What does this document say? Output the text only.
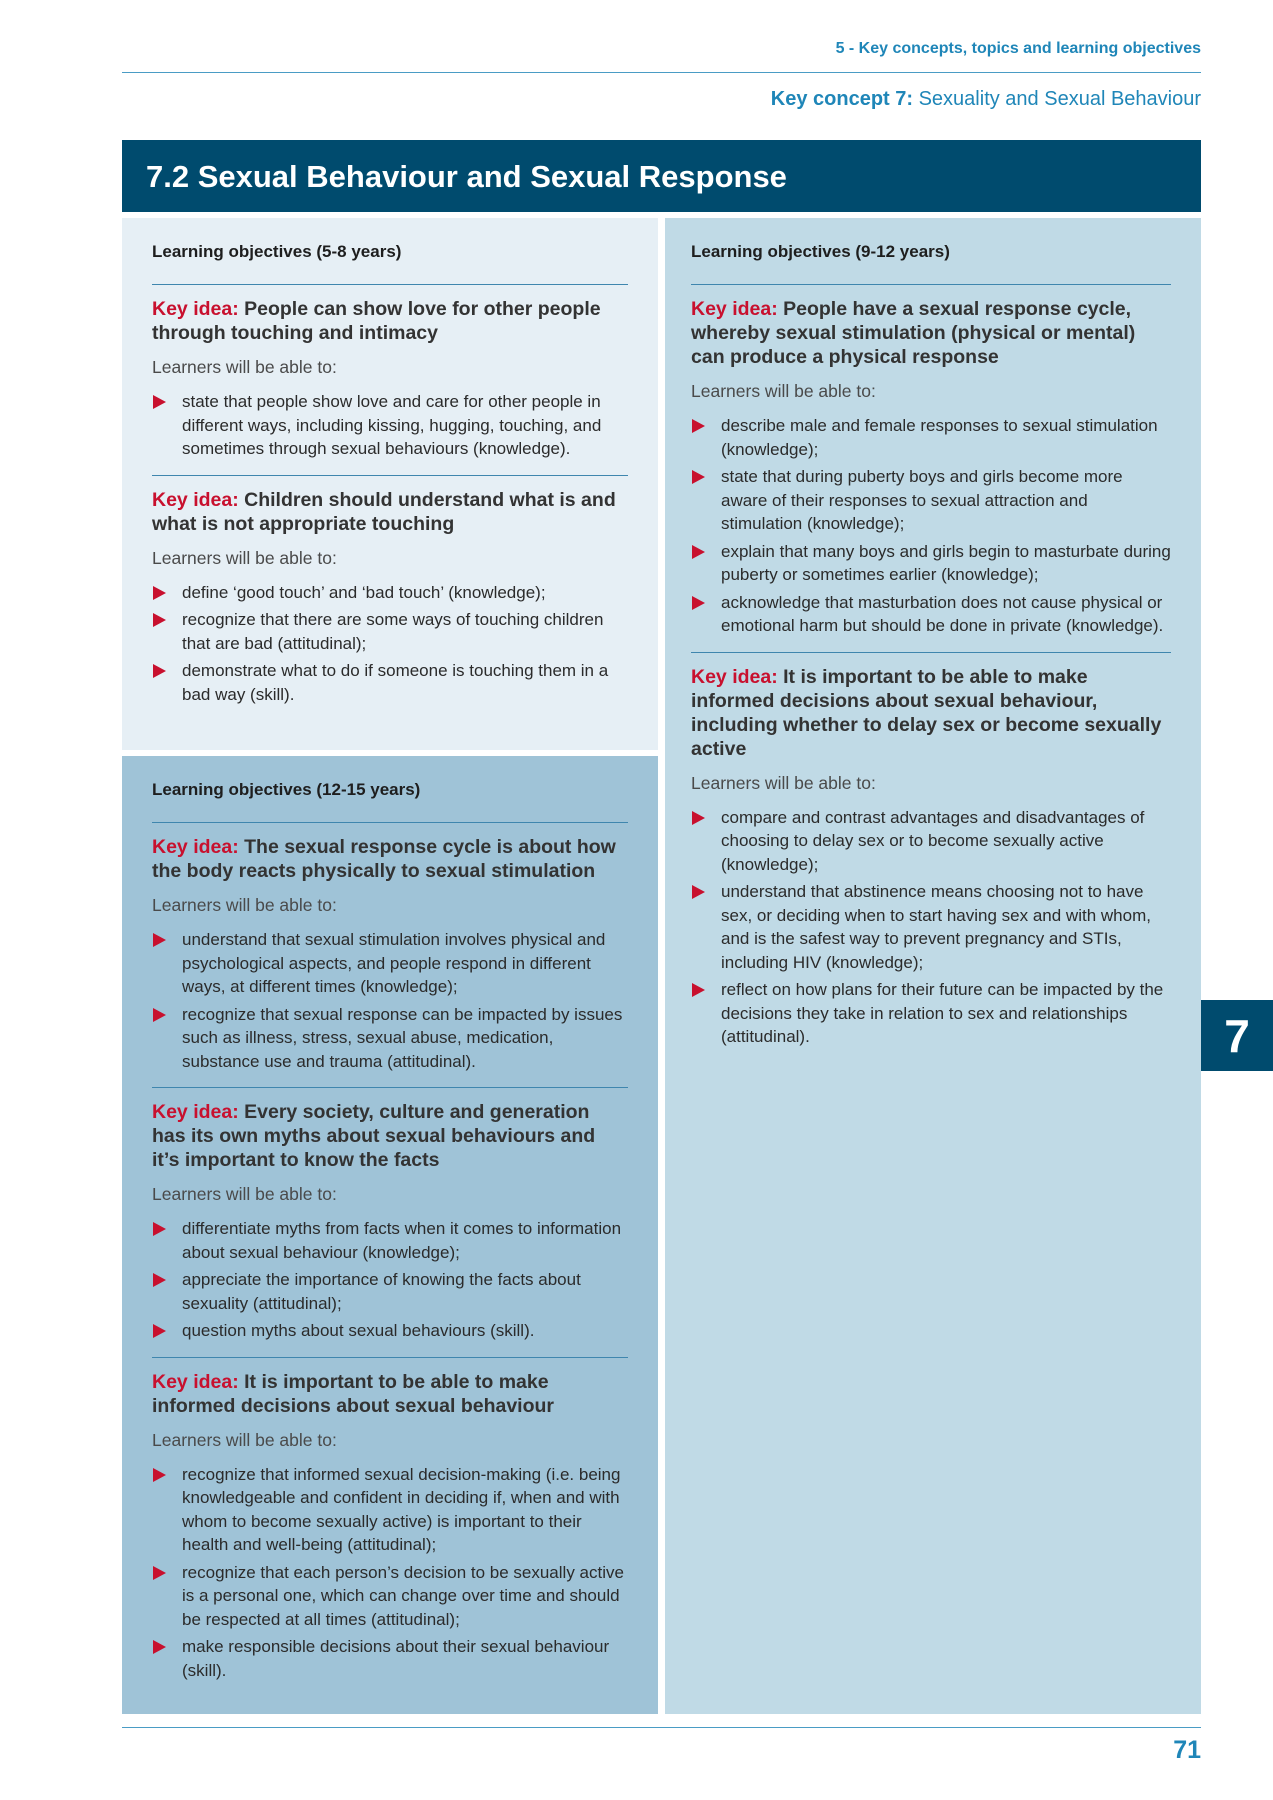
5 - Key concepts, topics and learning objectives
Key concept 7: Sexuality and Sexual Behaviour
7.2 Sexual Behaviour and Sexual Response
Learning objectives (5-8 years)
Key idea: People can show love for other people through touching and intimacy
Learners will be able to:
state that people show love and care for other people in different ways, including kissing, hugging, touching, and sometimes through sexual behaviours (knowledge).
Key idea: Children should understand what is and what is not appropriate touching
Learners will be able to:
define ‘good touch’ and ‘bad touch’ (knowledge);
recognize that there are some ways of touching children that are bad (attitudinal);
demonstrate what to do if someone is touching them in a bad way (skill).
Learning objectives (12-15 years)
Key idea: The sexual response cycle is about how the body reacts physically to sexual stimulation
Learners will be able to:
understand that sexual stimulation involves physical and psychological aspects, and people respond in different ways, at different times (knowledge);
recognize that sexual response can be impacted by issues such as illness, stress, sexual abuse, medication, substance use and trauma (attitudinal).
Key idea: Every society, culture and generation has its own myths about sexual behaviours and it’s important to know the facts
Learners will be able to:
differentiate myths from facts when it comes to information about sexual behaviour (knowledge);
appreciate the importance of knowing the facts about sexuality (attitudinal);
question myths about sexual behaviours (skill).
Key idea: It is important to be able to make informed decisions about sexual behaviour
Learners will be able to:
recognize that informed sexual decision-making (i.e. being knowledgeable and confident in deciding if, when and with whom to become sexually active) is important to their health and well-being (attitudinal);
recognize that each person’s decision to be sexually active is a personal one, which can change over time and should be respected at all times (attitudinal);
make responsible decisions about their sexual behaviour (skill).
Learning objectives (9-12 years)
Key idea: People have a sexual response cycle, whereby sexual stimulation (physical or mental) can produce a physical response
Learners will be able to:
describe male and female responses to sexual stimulation (knowledge);
state that during puberty boys and girls become more aware of their responses to sexual attraction and stimulation (knowledge);
explain that many boys and girls begin to masturbate during puberty or sometimes earlier (knowledge);
acknowledge that masturbation does not cause physical or emotional harm but should be done in private (knowledge).
Key idea: It is important to be able to make informed decisions about sexual behaviour, including whether to delay sex or become sexually active
Learners will be able to:
compare and contrast advantages and disadvantages of choosing to delay sex or to become sexually active (knowledge);
understand that abstinence means choosing not to have sex, or deciding when to start having sex and with whom, and is the safest way to prevent pregnancy and STIs, including HIV (knowledge);
reflect on how plans for their future can be impacted by the decisions they take in relation to sex and relationships (attitudinal).	7
71
